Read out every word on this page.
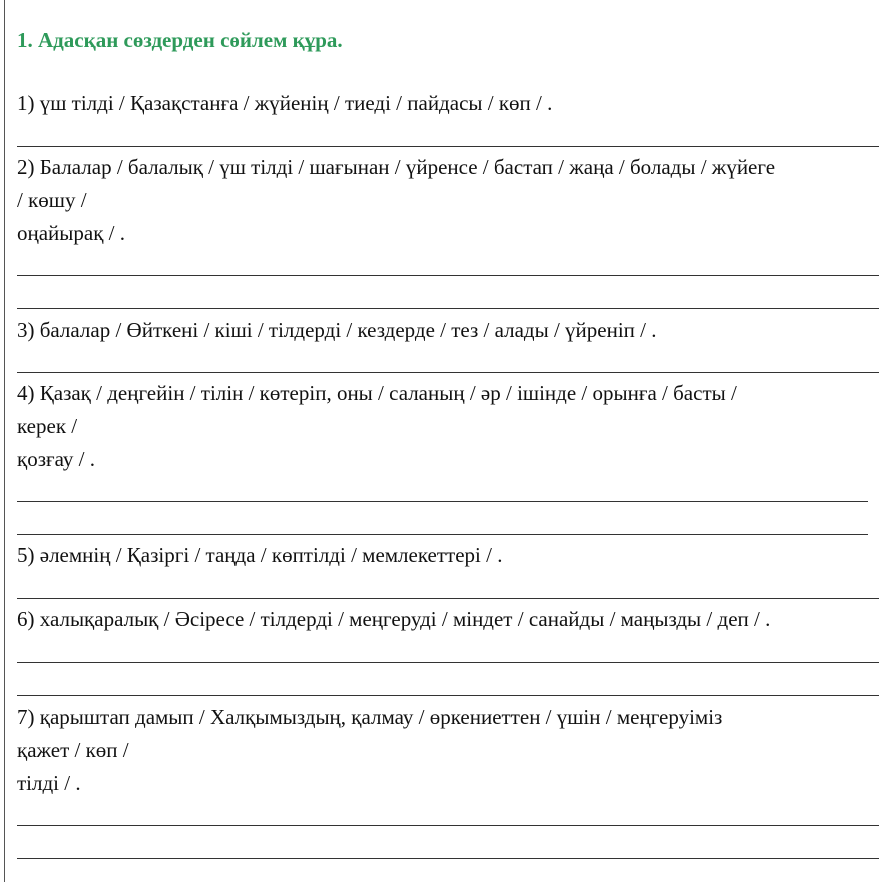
1. Адасқан сөздерден сөйлем құра.
1) үш тілді / Қазақстанға / жүйенің / тиеді / пайдасы / көп / .
2) Балалар / балалық / үш тілді / шағынан / үйренсе / бастап / жаңа / болады / жүйеге
/ көшу /
оңайырақ / .
3) балалар / Өйткені / кіші / тілдерді / кездерде / тез / алады / үйреніп / .
4) Қазақ / деңгейін / тілін / көтеріп, оны / саланың / әр / ішінде / орынға / басты /
керек /
қозғау / .
5) әлемнің / Қазіргі / таңда / көптілді / мемлекеттері / .
6) халықаралық / Әсіресе / тілдерді / меңгеруді / міндет / санайды / маңызды / деп / .
7) қарыштап дамып / Халқымыздың, қалмау / өркениеттен / үшін / меңгеруіміз
қажет / көп /
тілді / .
